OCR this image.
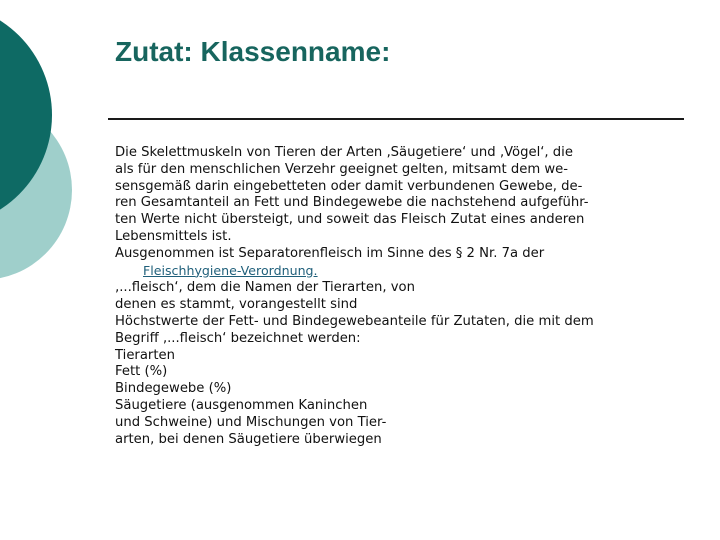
Zutat: Klassenname:
Die Skelettmuskeln von Tieren der Arten ‚Säugetiere‘ und ‚Vögel‘, die
als für den menschlichen Verzehr geeignet gelten, mitsamt dem we-
sensgemäß darin eingebetteten oder damit verbundenen Gewebe, de-
ren Gesamtanteil an Fett und Bindegewebe die nachstehend aufgeführ-
ten Werte nicht übersteigt, und soweit das Fleisch Zutat eines anderen
Lebensmittels ist.
Ausgenommen ist Separatorenfleisch im Sinne des § 2 Nr. 7a der
Fleischhygiene-Verordnung.
‚...fleisch‘, dem die Namen der Tierarten, von
denen es stammt, vorangestellt sind
Höchstwerte der Fett- und Bindegewebeanteile für Zutaten, die mit dem
Begriff ‚...fleisch‘ bezeichnet werden:
Tierarten
Fett (%)
Bindegewebe (%)
Säugetiere (ausgenommen Kaninchen
und Schweine) und Mischungen von Tier-
arten, bei denen Säugetiere überwiegen
